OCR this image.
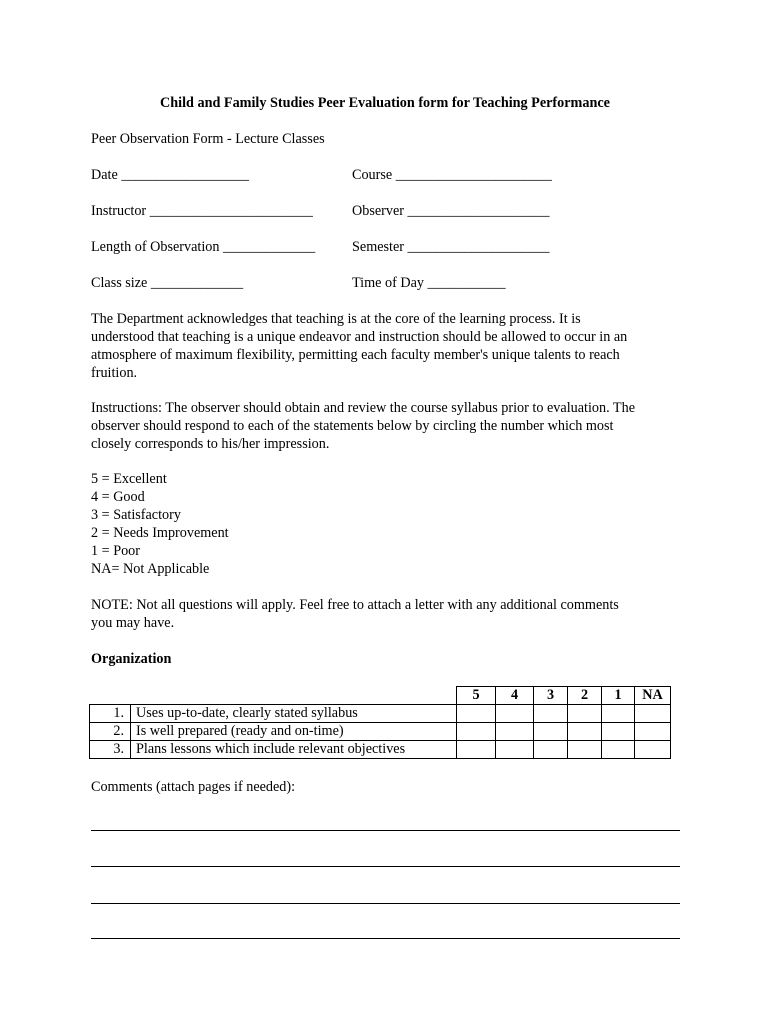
Child and Family Studies Peer Evaluation form for Teaching Performance
Peer Observation Form - Lecture Classes
Date __________________	Course ______________________
Instructor _______________________	Observer ____________________
Length of Observation _____________	Semester ____________________
Class size _____________	Time of Day ___________
The Department acknowledges that teaching is at the core of the learning process. It is
understood that teaching is a unique endeavor and instruction should be allowed to occur in an
atmosphere of maximum flexibility, permitting each faculty member's unique talents to reach
fruition.
Instructions: The observer should obtain and review the course syllabus prior to evaluation. The
observer should respond to each of the statements below by circling the number which most
closely corresponds to his/her impression.
5 = Excellent
4 = Good
3 = Satisfactory
2 = Needs Improvement
1 = Poor
NA= Not Applicable
NOTE: Not all questions will apply. Feel free to attach a letter with any additional comments
you may have.
Organization
		5	4	3	2	1	NA
1.	Uses up-to-date, clearly stated syllabus						
2.	Is well prepared (ready and on-time)						
3.	Plans lessons which include relevant objectives						
Comments (attach pages if needed):
